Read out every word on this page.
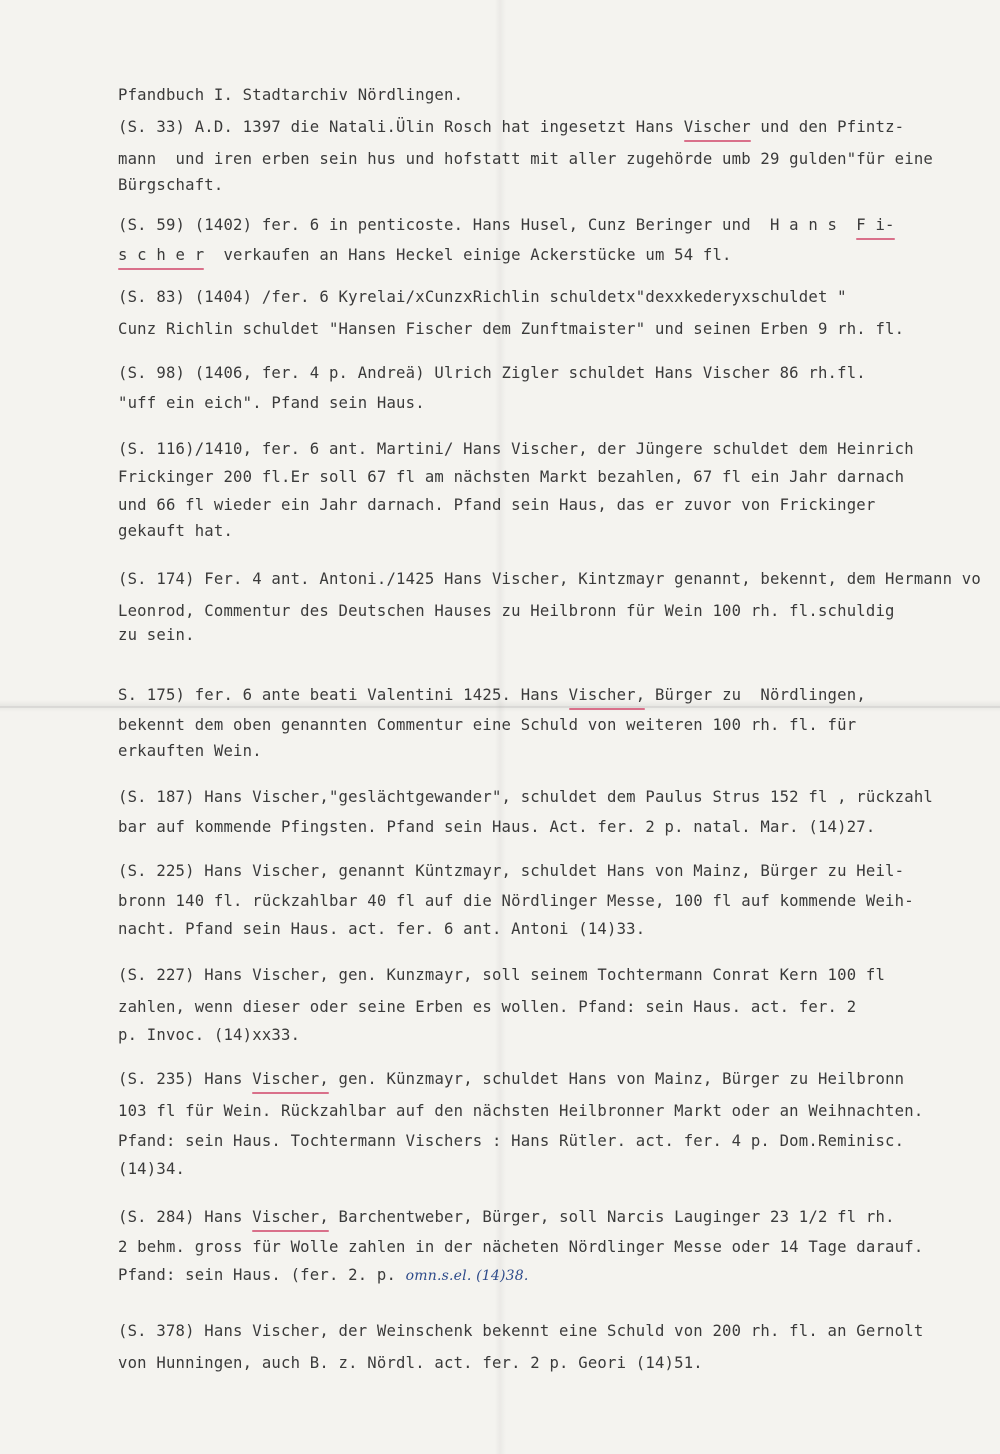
Pfandbuch I. Stadtarchiv Nördlingen.
(S. 33) A.D. 1397 die Natali.Ülin Rosch hat ingesetzt Hans Vischer und den Pfintz-
mann  und iren erben sein hus und hofstatt mit aller zugehörde umb 29 gulden"für eine
Bürgschaft.
(S. 59) (1402) fer. 6 in penticoste. Hans Husel, Cunz Beringer und  H a n s  F i-
s c h e r  verkaufen an Hans Heckel einige Ackerstücke um 54 fl.
(S. 83) (1404) /fer. 6 Kyrelai/xCunzxRichlin schuldetx"dexxkederyxschuldet "
Cunz Richlin schuldet "Hansen Fischer dem Zunftmaister" und seinen Erben 9 rh. fl.
(S. 98) (1406, fer. 4 p. Andreä) Ulrich Zigler schuldet Hans Vischer 86 rh.fl.
"uff ein eich". Pfand sein Haus.
(S. 116)/1410, fer. 6 ant. Martini/ Hans Vischer, der Jüngere schuldet dem Heinrich
Frickinger 200 fl.Er soll 67 fl am nächsten Markt bezahlen, 67 fl ein Jahr darnach
und 66 fl wieder ein Jahr darnach. Pfand sein Haus, das er zuvor von Frickinger
gekauft hat.
(S. 174) Fer. 4 ant. Antoni./1425 Hans Vischer, Kintzmayr genannt, bekennt, dem Hermann vo
Leonrod, Commentur des Deutschen Hauses zu Heilbronn für Wein 100 rh. fl.schuldig
zu sein.
S. 175) fer. 6 ante beati Valentini 1425. Hans Vischer, Bürger zu  Nördlingen,
bekennt dem oben genannten Commentur eine Schuld von weiteren 100 rh. fl. für
erkauften Wein.
(S. 187) Hans Vischer,"geslächtgewander", schuldet dem Paulus Strus 152 fl , rückzahl
bar auf kommende Pfingsten. Pfand sein Haus. Act. fer. 2 p. natal. Mar. (14)27.
(S. 225) Hans Vischer, genannt Küntzmayr, schuldet Hans von Mainz, Bürger zu Heil-
bronn 140 fl. rückzahlbar 40 fl auf die Nördlinger Messe, 100 fl auf kommende Weih-
nacht. Pfand sein Haus. act. fer. 6 ant. Antoni (14)33.
(S. 227) Hans Vischer, gen. Kunzmayr, soll seinem Tochtermann Conrat Kern 100 fl
zahlen, wenn dieser oder seine Erben es wollen. Pfand: sein Haus. act. fer. 2
p. Invoc. (14)xx33.
(S. 235) Hans Vischer, gen. Künzmayr, schuldet Hans von Mainz, Bürger zu Heilbronn
103 fl für Wein. Rückzahlbar auf den nächsten Heilbronner Markt oder an Weihnachten.
Pfand: sein Haus. Tochtermann Vischers : Hans Rütler. act. fer. 4 p. Dom.Reminisc.
(14)34.
(S. 284) Hans Vischer, Barchentweber, Bürger, soll Narcis Lauginger 23 1/2 fl rh.
2 behm. gross für Wolle zahlen in der nächeten Nördlinger Messe oder 14 Tage darauf.
Pfand: sein Haus. (fer. 2. p. omn.s.el. (14)38.
(S. 378) Hans Vischer, der Weinschenk bekennt eine Schuld von 200 rh. fl. an Gernolt
von Hunningen, auch B. z. Nördl. act. fer. 2 p. Geori (14)51.
